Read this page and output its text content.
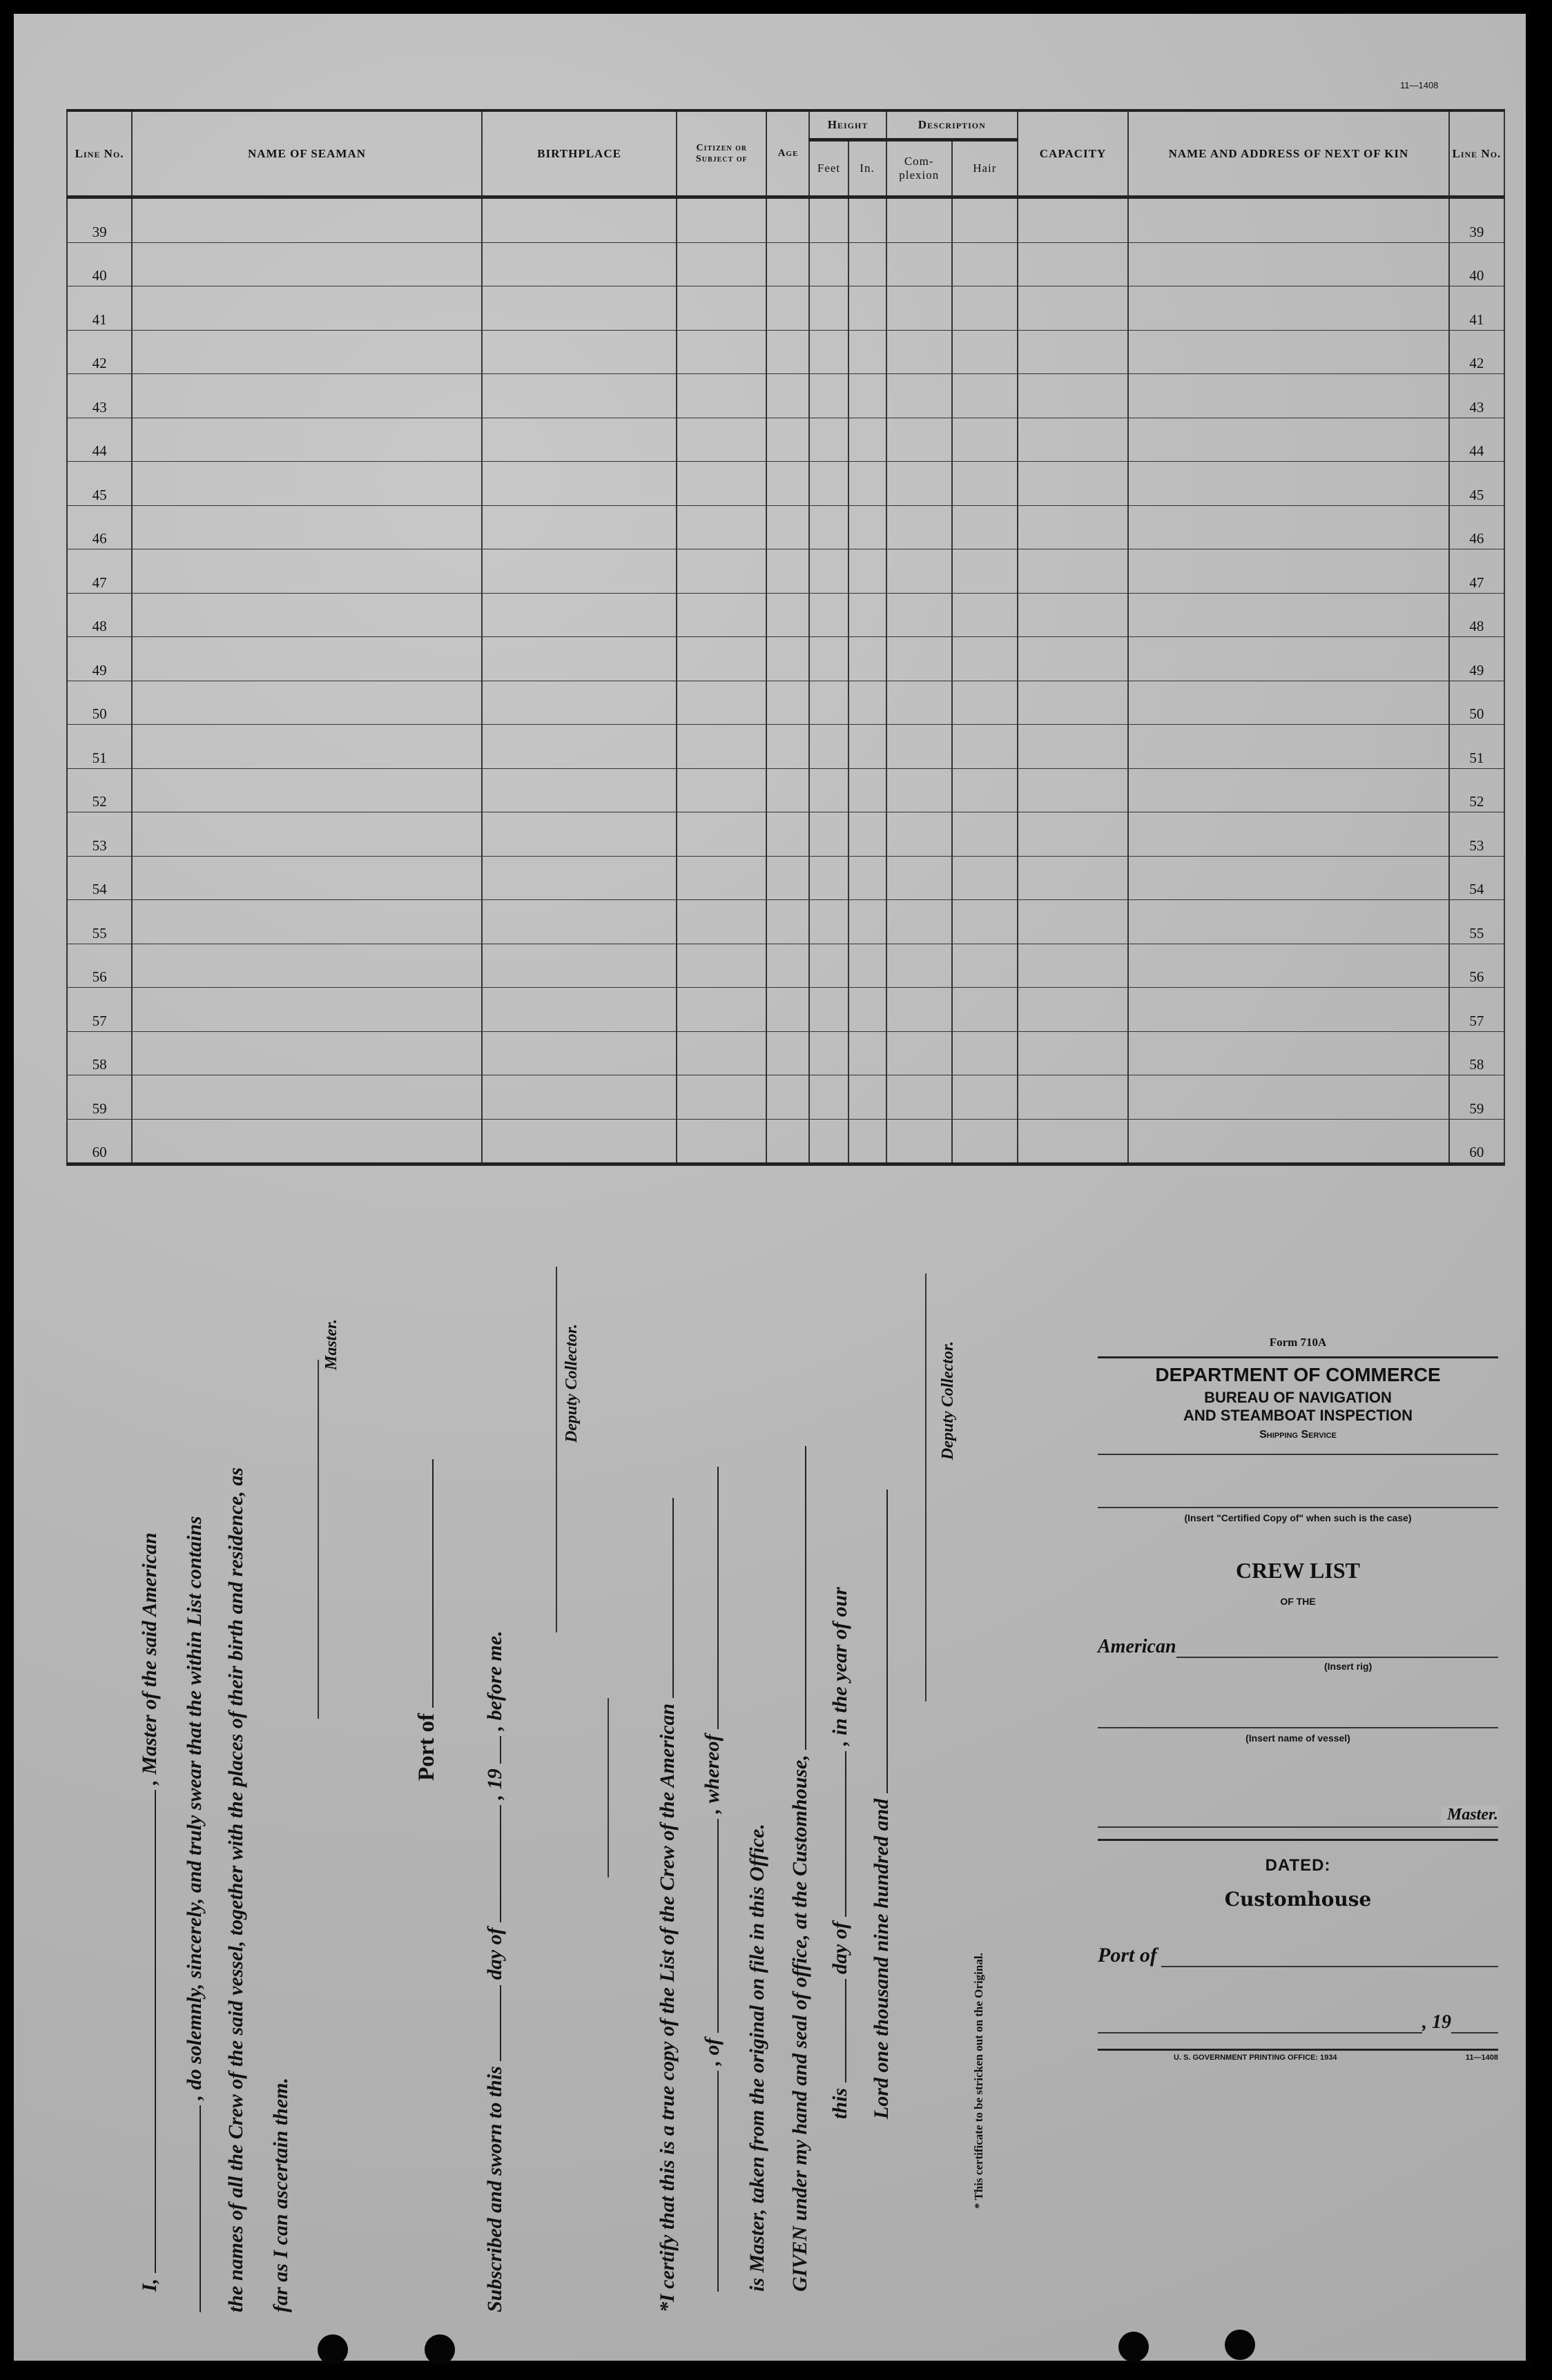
11—1408
Line No.	NAME OF SEAMAN	BIRTHPLACE	Citizen or Subject of	Age	Height		Description		CAPACITY	NAME AND ADDRESS OF NEXT OF KIN	Line No.
					Feet	In.	Com-plexion	Hair			
39											39
40											40
41											41
42											42
43											43
44											44
45											45
46											46
47											47
48											48
49											49
50											50
51											51
52											52
53											53
54											54
55											55
56											56
57											57
58											58
59											59
60											60
I,  , Master of the said American , do solemnly, sincerely, and truly swear that the within List contains the names of all the Crew of the said vessel, together with the places of their birth and residence, as far as I can ascertain them.
Master.
Port of
Subscribed and sworn to this  day of  , 19  , before me.
Deputy Collector.
*I certify that this is a true copy of the List of the Crew of the American , of  , whereof
is Master, taken from the original on file in this Office. GIVEN under my hand and seal of office, at the Customhouse, this  day of  , in the year of our
Lord one thousand nine hundred and
Deputy Collector.
* This certificate to be stricken out on the Original.
Form 710A
DEPARTMENT OF COMMERCE
BUREAU OF NAVIGATION
AND STEAMBOAT INSPECTION
Shipping Service
(Insert "Certified Copy of" when such is the case)
CREW LIST
OF THE
American
(Insert rig)
(Insert name of vessel)
Master.
DATED:
Customhouse
Port of
, 19
U. S. GOVERNMENT PRINTING OFFICE: 1934	11—1408
